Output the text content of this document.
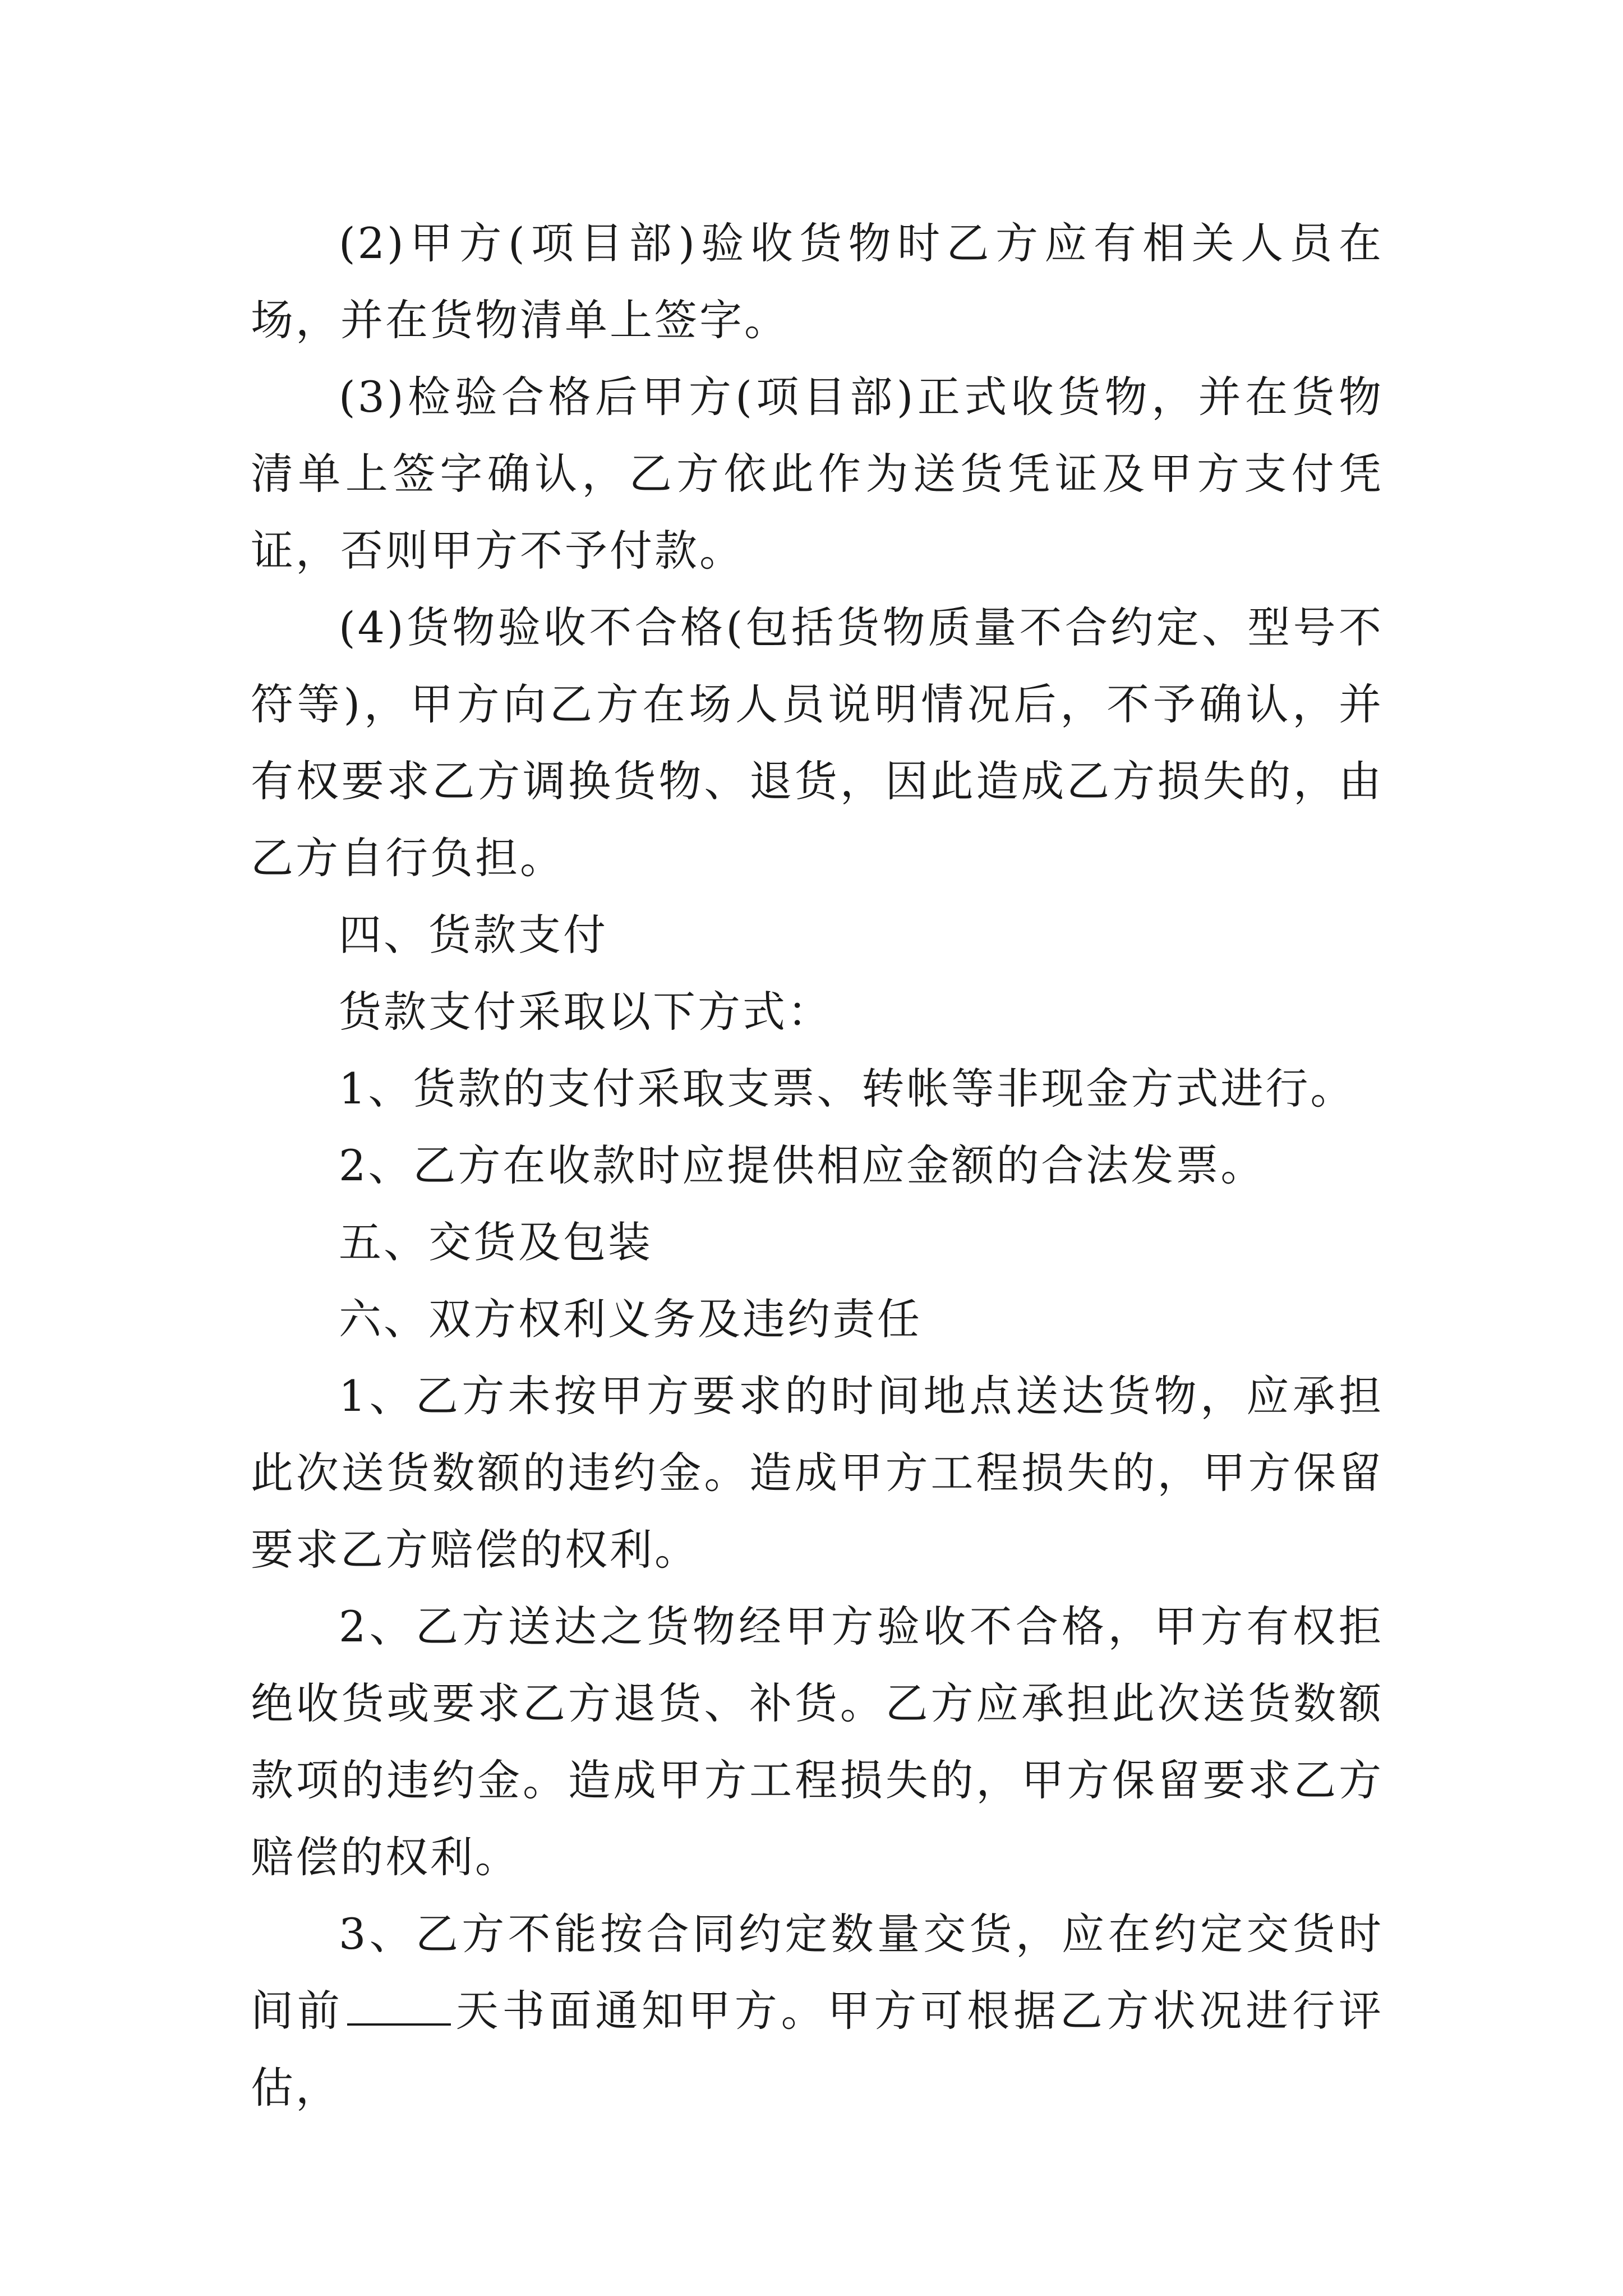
(2)甲方(项目部)验收货物时乙方应有相关人员在场，并在货物清单上签字。

(3)检验合格后甲方(项目部)正式收货物，并在货物清单上签字确认，乙方依此作为送货凭证及甲方支付凭证，否则甲方不予付款。

(4)货物验收不合格(包括货物质量不合约定、型号不符等)，甲方向乙方在场人员说明情况后，不予确认，并有权要求乙方调换货物、退货，因此造成乙方损失的，由乙方自行负担。

四、货款支付

货款支付采取以下方式：

1、货款的支付采取支票、转帐等非现金方式进行。

2、乙方在收款时应提供相应金额的合法发票。

五、交货及包装

六、双方权利义务及违约责任

1、乙方未按甲方要求的时间地点送达货物，应承担此次送货数额的违约金。造成甲方工程损失的，甲方保留要求乙方赔偿的权利。

2、乙方送达之货物经甲方验收不合格，甲方有权拒绝收货或要求乙方退货、补货。乙方应承担此次送货数额款项的违约金。造成甲方工程损失的，甲方保留要求乙方赔偿的权利。

3、乙方不能按合同约定数量交货，应在约定交货时间前	天书面通知甲方。甲方可根据乙方状况进行评估，
